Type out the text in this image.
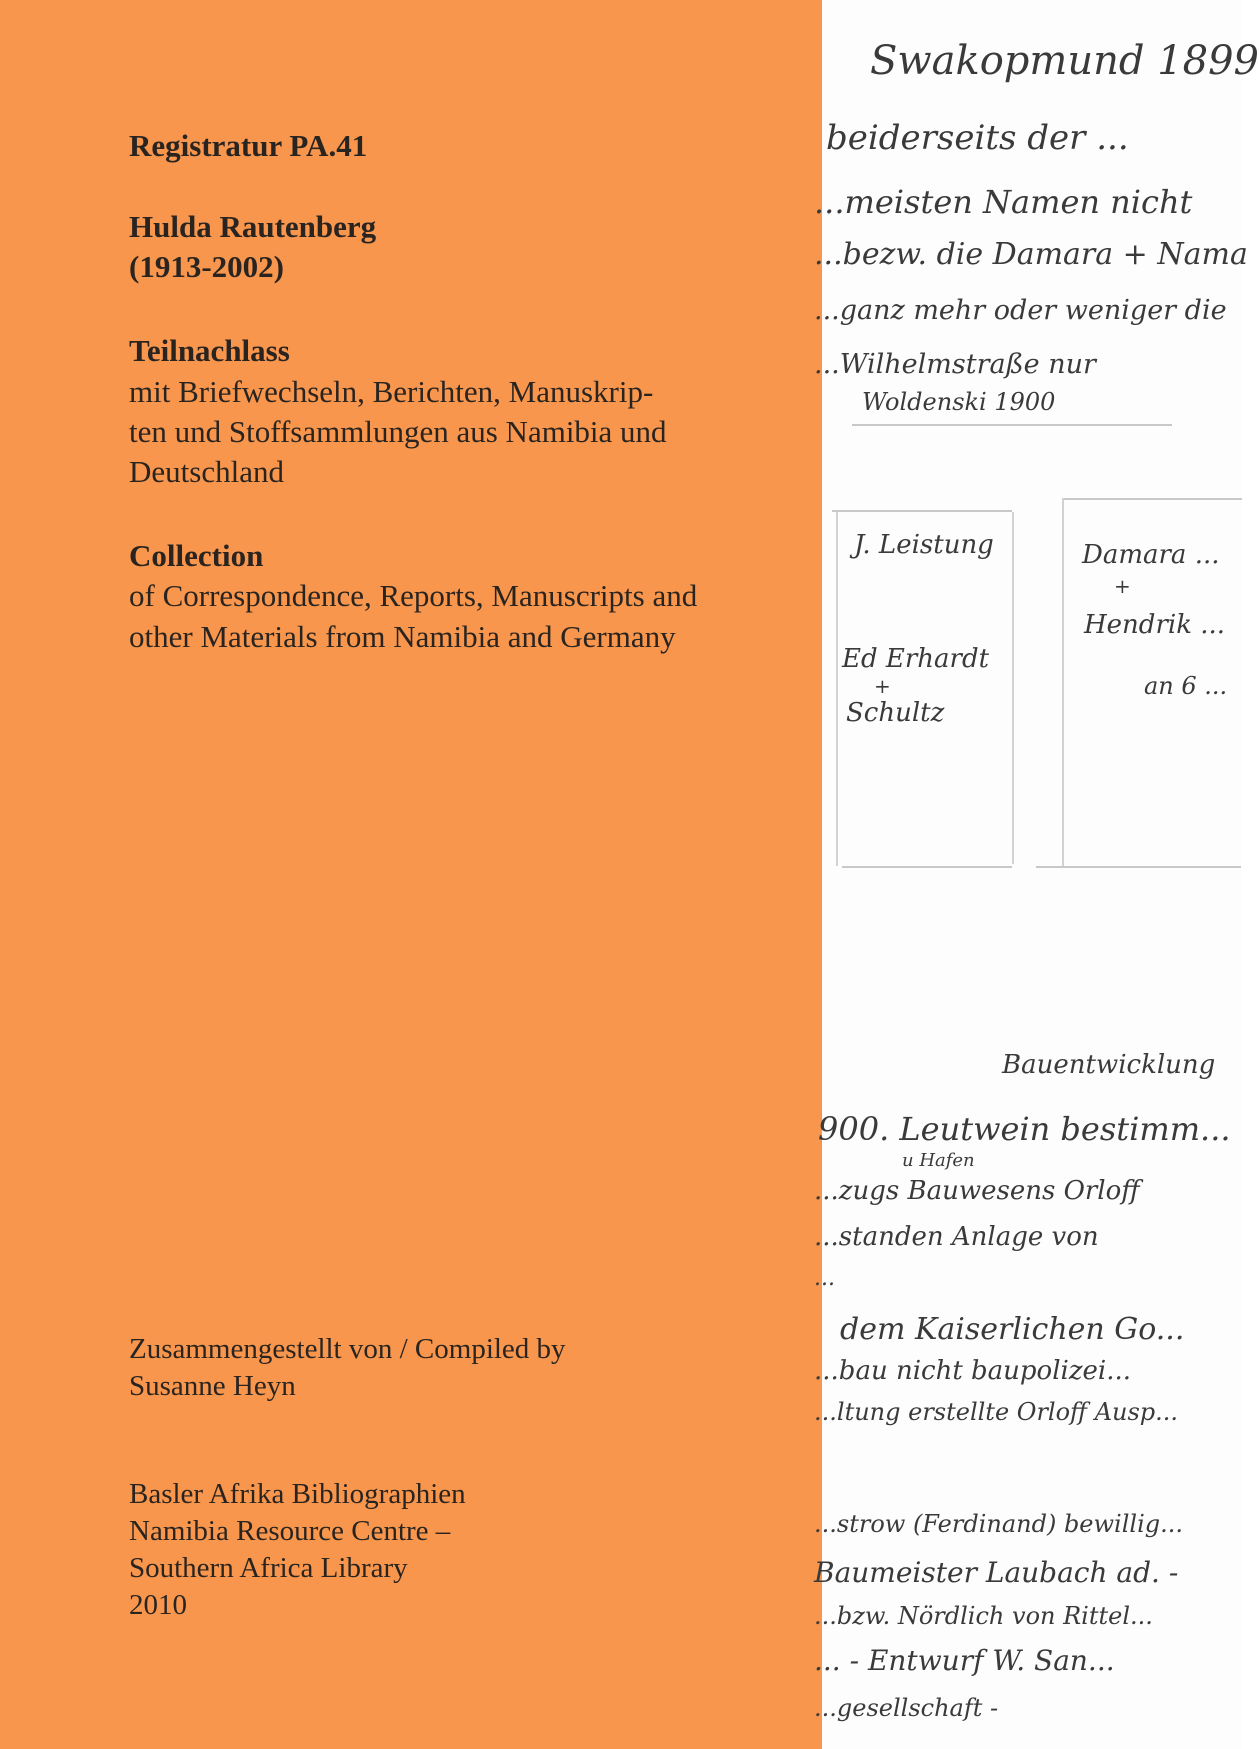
Registratur PA.41

Hulda Rautenberg

(1913-2002)

Teilnachlass

mit Briefwechseln, Berichten, Manuskrip-

ten und Stoffsammlungen aus Namibia und

Deutschland

Collection

of Correspondence, Reports, Manuscripts and

other Materials from Namibia and Germany

Zusammengestellt von / Compiled by

Susanne Heyn

Basler Afrika Bibliographien

Namibia Resource Centre –

Southern Africa Library

2010

Swakopmund 1899
beiderseits der ...
...meisten Namen nicht
...bezw. die Damara + Nama
...ganz mehr oder weniger die
...Wilhelmstraße nur
Woldenski 1900
J. Leistung	Damara ...
+
Hendrik ...
an 6 ...
Ed Erhardt
+
Schultz
Bauentwicklung
900. Leutwein bestimm...
u Hafen
...zugs Bauwesens Orloff
...standen Anlage von
...
dem Kaiserlichen Go...
...bau nicht baupolizei...
...ltung erstellte Orloff Ausp...
...strow (Ferdinand) bewillig...
Baumeister Laubach ad. -
...bzw. Nördlich von Rittel...
... - Entwurf W. San...
...gesellschaft -
